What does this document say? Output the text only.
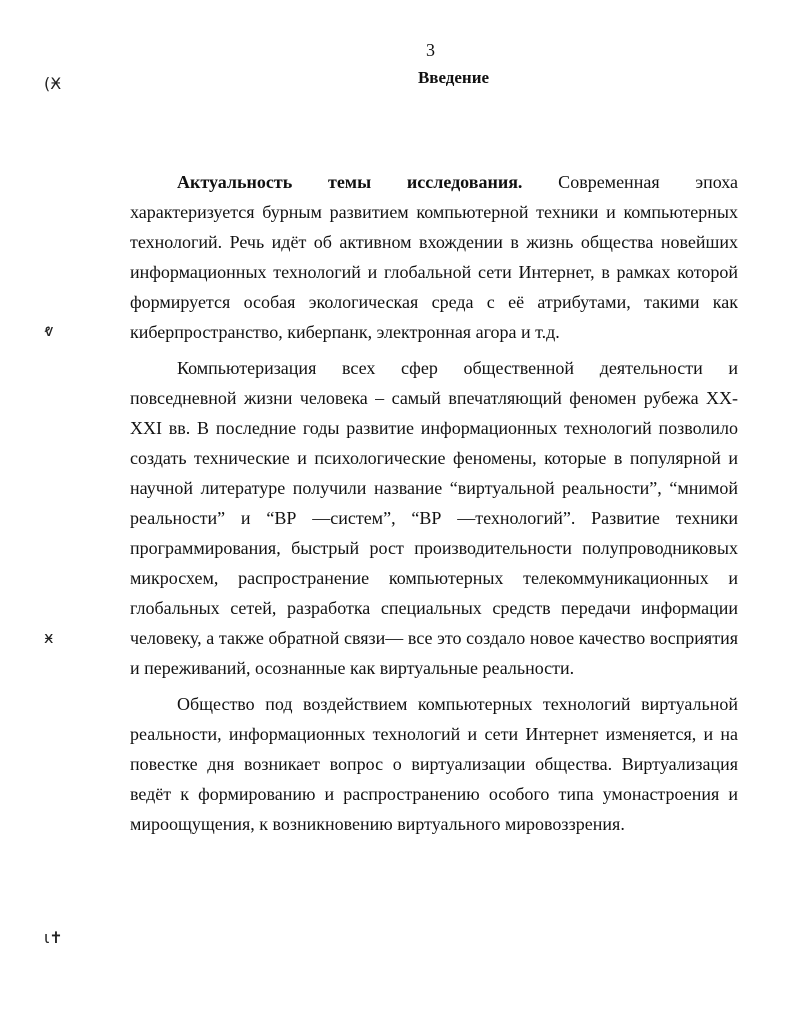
3
Введение
(Ӿ
ⱴ
ӿ
ɩ✝

Актуальность темы исследования. Современная эпоха характеризуется бурным развитием компьютерной техники и компьютерных технологий. Речь идёт об активном вхождении в жизнь общества новейших информационных технологий и глобальной сети Интернет, в рамках которой формируется особая экологическая среда с её атрибутами, такими как киберпространство, киберпанк, электронная агора и т.д.

Компьютеризация всех сфер общественной деятельности и повседневной жизни человека – самый впечатляющий феномен рубежа XX-XXI вв. В последние годы развитие информационных технологий позволило создать технические и психологические феномены, которые в популярной и научной литературе получили название “виртуальной реальности”, “мнимой реальности” и “ВР —систем”, “ВР —технологий”. Развитие техники программирования, быстрый рост производительности полупроводниковых микросхем, распространение компьютерных телекоммуникационных и глобальных сетей, разработка специальных средств передачи информации человеку, а также обратной связи— все это создало новое качество восприятия и переживаний, осознанные как виртуальные реальности.

Общество под воздействием компьютерных технологий виртуальной реальности, информационных технологий и сети Интернет изменяется, и на повестке дня возникает вопрос о виртуализации общества. Виртуализация ведёт к формированию и распространению особого типа умонастроения и мироощущения, к возникновению виртуального мировоззрения.
